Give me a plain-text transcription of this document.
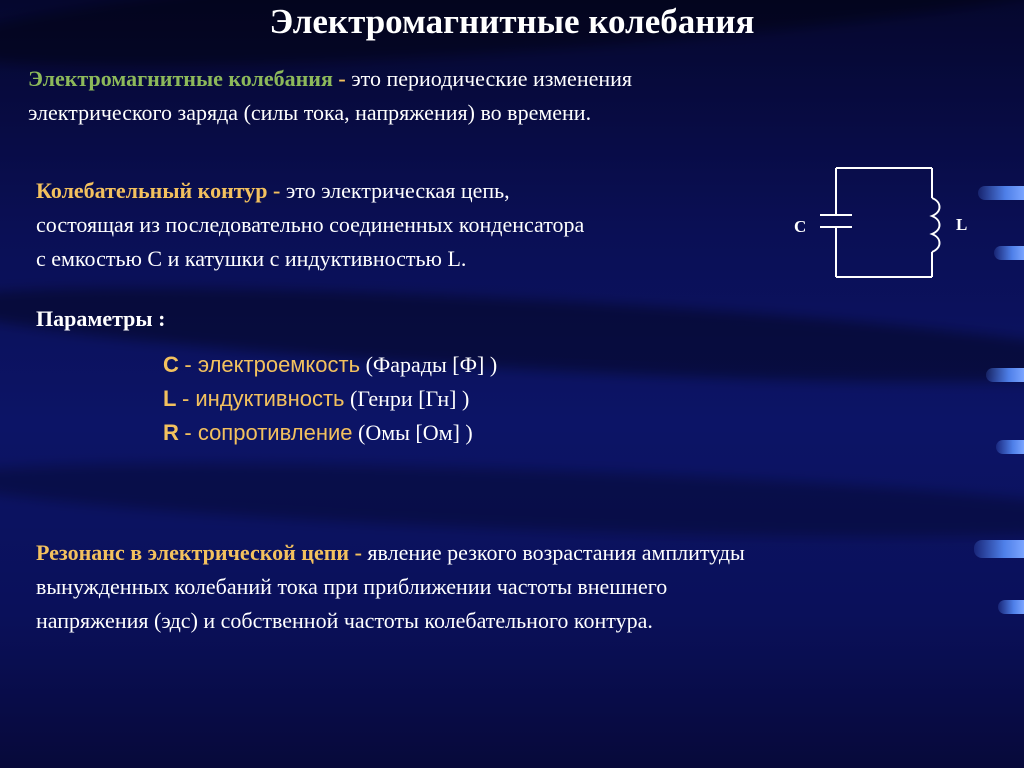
Электромагнитные колебания
Электромагнитные колебания - это периодические изменения
электрического заряда (силы тока, напряжения) во времени.
Колебательный контур - это электрическая цепь,
состоящая из последовательно соединенных конденсатора
с емкостью С и катушки с индуктивностью L.
C	L
Параметры :
C - электроемкость (Фарады [Ф] )
L - индуктивность (Генри [Гн] )
R - сопротивление (Омы [Ом] )
Резонанс в электрической цепи - явление резкого возрастания амплитуды
вынужденных колебаний тока при приближении частоты внешнего
напряжения (эдс) и собственной частоты колебательного контура.
